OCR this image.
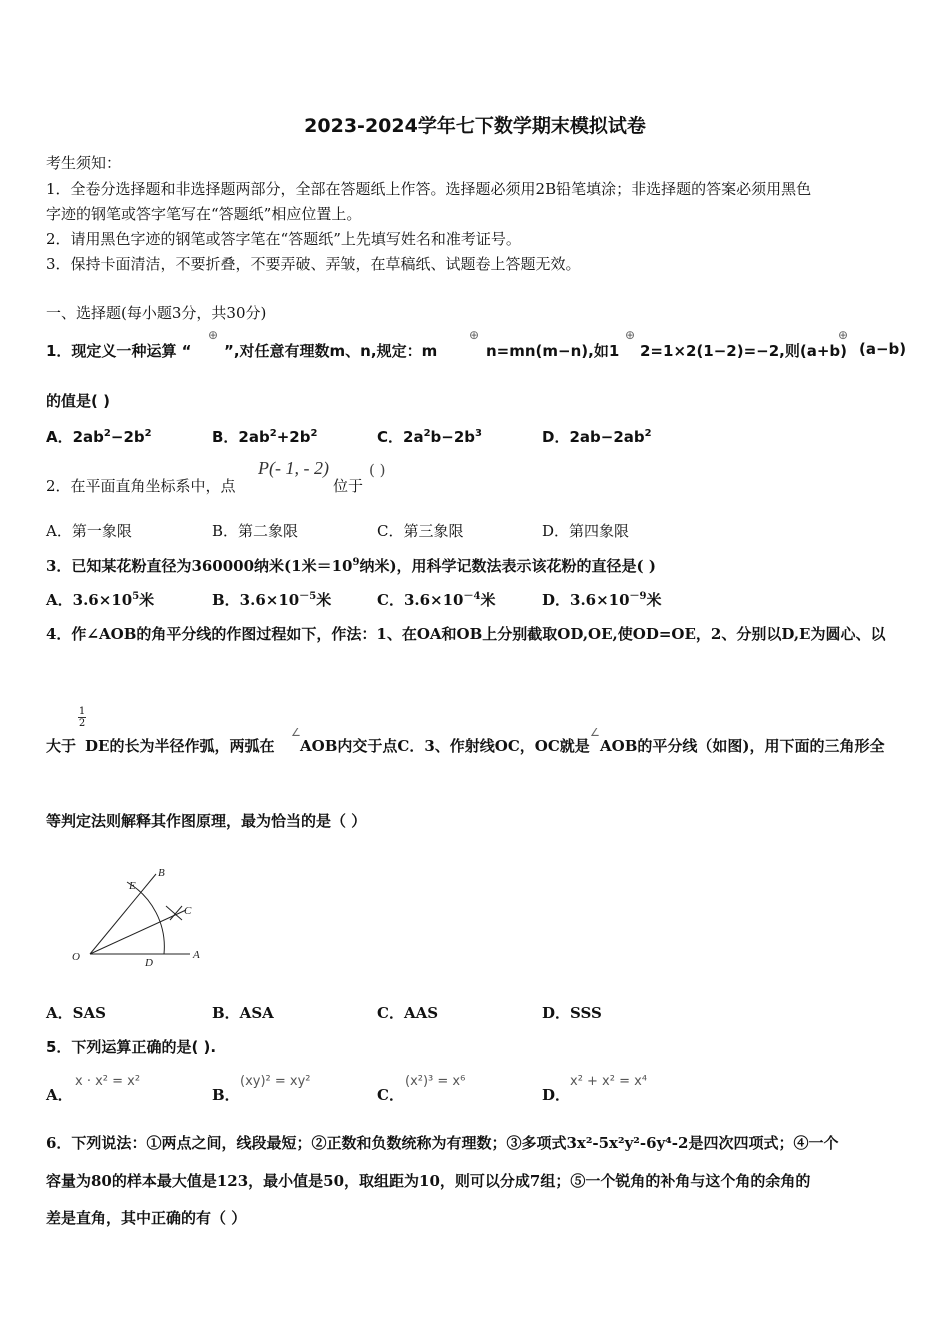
2023-2024学年七下数学期末模拟试卷
考生须知：
1．全卷分选择题和非选择题两部分，全部在答题纸上作答。选择题必须用2B铅笔填涂；非选择题的答案必须用黑色
字迹的钢笔或答字笔写在“答题纸”相应位置上。
2．请用黑色字迹的钢笔或答字笔在“答题纸”上先填写姓名和准考证号。
3．保持卡面清洁，不要折叠，不要弄破、弄皱，在草稿纸、试题卷上答题无效。
一、选择题(每小题3分，共30分)
1．现定义一种运算 “
⊕
”,对任意有理数m、n,规定：m
⊕
n=mn(m−n),如1
⊕
2=1×2(1−2)=−2,则(a+b)
⊕
(a−b)
的值是( )
A．$2ab^2-2b^2$	B．$2ab^2+2b^2$	C．$2a^2b-2b^3$	D．$2ab-2ab^2$
2．在平面直角坐标系中，点
P(- 1, - 2)
位于
( )
A．第一象限	B．第二象限	C．第三象限	D．第四象限
3．已知某花粉直径为360000纳米(1米$=10^9$纳米)，用科学记数法表示该花粉的直径是( )
A．$3.6\times 10^5$米	B．$3.6\times 10^{-5}$米	C．$3.6\times 10^{-4}$米	D．$3.6\times 10^{-9}$米
4．作∠AOB的角平分线的作图过程如下，作法：1、在OA和OB上分别截取OD,OE,使OD=OE，2、分别以D,E为圆心、以
1
2
大于 DE的长为半径作弧，两弧在
∠
AOB内交于点C．3、作射线OC，OC就是
∠
AOB的平分线（如图)，用下面的三角形全
等判定法则解释其作图原理，最为恰当的是（ ）
O	A
B
C
D
E
A．SAS	B．ASA	C．AAS	D．SSS
5．下列运算正确的是( ).
A．
x · x² = x²
B．
(xy)² = xy²
C．
(x²)³ = x⁶
D．
x² + x² = x⁴
6．下列说法：①两点之间，线段最短；②正数和负数统称为有理数；③多项式3x²-5x²y²-6y⁴-2是四次四项式；④一个
容量为80的样本最大值是123，最小值是50，取组距为10，则可以分成7组；⑤一个锐角的补角与这个角的余角的
差是直角，其中正确的有（ ）
